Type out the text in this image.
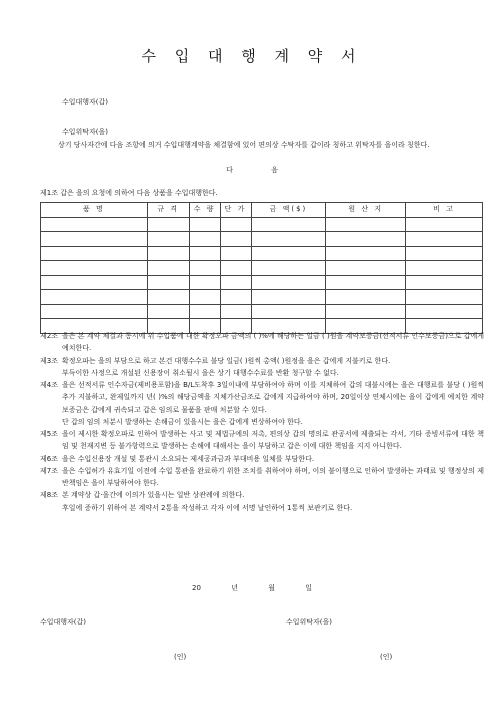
수 입 대 행 계 약 서
수입대행자(갑)
수입위탁자(을)
상기 당사자간에 다음 조항에 의거 수입대행계약을 체결함에 있어 편의상 수탁자를 갑이라 칭하고 위탁자를 을이라 칭한다.
다	음
제1조 갑은 을의 요청에 의하여 다음 상품을 수입대행한다.
품 명	규 격	수 량	단 가	금 액($)	원 산 지	비 고

제2조 을은 본 계약 체결과 동시에 위 수입품에 대한 확정오파 금액의 ( )%에 해당하는 일금 ( )원을 계약보증금(선적서류 인수보증금)으로 갑에게 예치한다.
제3조 확정오파는 을의 부담으로 하고 본건 대행수수료 불당 일금( )원씩 총액( )원정을 을은 갑에게 지불키로 한다.
부득이한 사정으로 개설된 신용장이 취소될시 을은 상기 대행수수료를 반환 청구할 수 없다.
제4조 을은 선적서류 인수자금(제비용포함)을 B/L도착후 3일이내에 부담하여야 하며 이를 지체하여 갑의 대불시에는 을은 대행료를 불당 ( )원씩 추가 지불하고, 완제일까지 년( )%의 해당금액을 지체가산금조로 갑에게 지급하여야 하며, 20일이상 연체시에는 을이 갑에게 예치한 계약보증금은 갑에게 귀속되고 갑은 임의로 물품을 판매 처분할 수 있다.
단 갑의 임의 처분시 발생하는 손해금이 있을시는 을은 갑에게 변상하여야 한다.
제5조 을이 제시한 확정오파로 인하여 발생하는 사고 및 제법규에의 저촉, 편의상 갑의 명의로 관공서에 제출되는 각서, 기타 증빙서류에 대한 책임 및 천재지변 등 불가항력으로 발생하는 손해에 대해서는 을이 부담하고 갑은 이에 대한 책임을 지지 아니한다.
제6조 을은 수입신용장 개설 및 통관시 소요되는 제세공과금과 부대비용 일체를 부담한다.
제7조 을은 수입허가 유효기일 이전에 수입 통관을 완료하기 위한 조치를 취하여야 하며, 이의 불이행으로 인하여 발생하는 과태료 및 행정상의 제반책임은 을이 부담하여야 한다.
제8조 본 계약상 갑·을간에 이의가 있을시는 일반 상관례에 의한다.
후일에 증하기 위하여 본 계약서 2통을 작성하고 각자 이에 서명 날인하여 1통씩 보관키로 한다.
20	년	월	일
수입대행자(갑)	수입위탁자(을)
(인)	(인)
